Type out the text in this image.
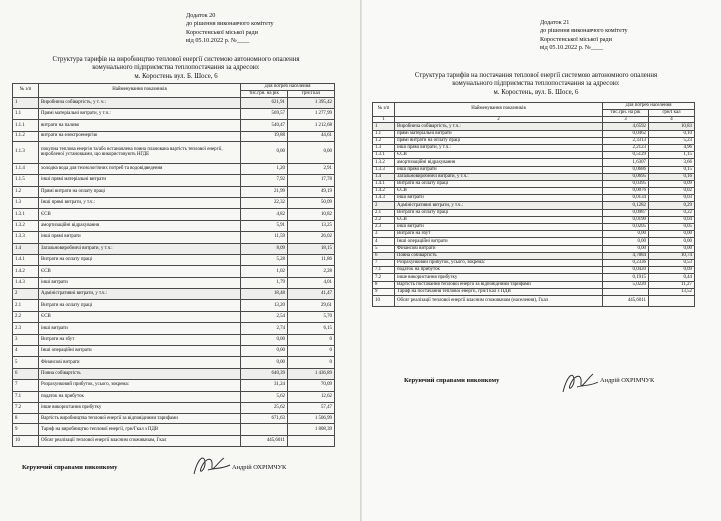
Додаток 20
до рішення виконавчого комітету
Коростенської міської ради
від 05.10.2022 р. №____
Структура тарифів на виробництво теплової енергії системою автономного опалення
комунального підприємства теплопостачання за адресою:
м. Коростень вул. Б. Шосе, 6
№ з/п	Найменування показників	Для потреб населення	
		тис.грн. на рік	грн/Гкал
1	Виробнича собівартість, у т. ч.:	621,91	1 395,42
1.1	Прямі матеріальні витрати, у т.ч.:	569,57	1 277,99
1.1.1	витрати на паливо	540,47	1 212,68
1.1.2	витрати на електроенергію	19,88	44,61
1.1.3	покупна теплова енергія та/або встановлена повна планована вартість теплової енергії, виробленої установками, що використовують НГДЕ	0,00	0,00
1.1.4	холодна вода для технологічних потреб та водовідведення	1,20	2,91
1.1.5	інші прямі матеріальні витрати	7,92	17,78
1.2	Прямі витрати на оплату праці	21,99	49,19
1.3	Інші прямі витрати, у т.ч.:	22,32	50,09
1.3.1	ЄСВ	4,82	10,82
1.3.2	амортизаційні відрахування	5,91	13,25
1.3.3	інші прямі витрати	11,59	26,02
1.4	Загальновиробничі витрати, у т.ч.:	8,09	18,15
1.4.1	Витрати на оплату праці	5,28	11,86
1.4.2	ЄСВ	1,02	2,28
1.4.3	інші витрати	1,79	4,01
2	Адміністративні витрати, у т.ч.:	18,48	41,47
2.1	Витрати на оплату праці	13,20	29,61
2.2	ЄСВ	2,54	5,70
2.3	інші витрати	2,74	6,15
3	Витрати на збут	0,00	0
4	Інші операційні витрати	0,00	0
5	Фінансові витрати	0,00	0
6	Повна собівартість	640,39	1 436,89
7	Розрахунковий прибуток, усього, зокрема:	31,24	70,09
7.1	податок на прибуток	5,62	12,62
7.2	інше використання прибутку	25,62	57,47
8	Вартість виробництва теплової енергії за відповідними тарифами	671,63	1 506,99
9	Тариф на виробництво теплової енергії, грн/Гкал з ПДВ		1 808,39
10	Обсяг реалізації теплової енергії власним споживачам, Гкал	445,6011	
Керуючий справами виконкому	Андрій ОХРІМЧУК
Додаток 21
до рішення виконавчого комітету
Коростенської міської ради
від 05.10.2022 р. №____
Структура тарифів на постачання теплової енергії системою автономного опалення
комунального підприємства теплопостачання за адресою:
м. Коростень, вул. Б. Шосе, 6
№ з/п	Найменування показників	Для потреб населення	
		тис.грн. на рік	грн/Гкал
1	2	3	4
1	Виробнича собівартість, у т.ч.:	4,6592	10,83
1.1	прямі матеріальні витрати	0,0462	0,10
1.2	прямі витрати на оплату праці	2,3313	5,23
1.3	інші прямі витрати, у т.ч.:	2,2123	4,96
1.3.1	ЄСВ	0,5129	1,15
1.3.2	амортизаційні відрахування	1,6307	3,66
1.3.3	інші прямі витрати	0,0686	0,15
1.4	Загальновиробничі витрати, у т.ч.:	0,0695	0,16
1.4.1	Витрати на оплату праці	0,0395	0,09
1.4.2	ЄСВ	0,0076	0,02
1.4.3	інші витрати	0,0134	0,03
2	Адміністративні витрати, у т.ч.:	0,1282	0,29
2.1	Витрати на оплату праці	0,0987	0,22
2.2	ЄСВ	0,0190	0,04
2.3	інші витрати	0,0205	0,05
3	Витрати на збут	0,00	0,00
4	Інші операційні витрати	0,00	0,00
5	Фінансові витрати	0,00	0,00
6	Повна собівартість	4,7884	10,74
7	Розрахунковий прибуток, усього, зокрема:	0,2336	0,53
7.1	податок на прибуток	0,0420	0,09
7.2	інше використання прибутку	0,1915	0,44
8	Вартість постачання теплової енергії за відповідними тарифами	5,0220	11,27
9	Тариф на постачання теплової енергії, грн/Гкал з ПДВ		13,52
10	Обсяг реалізації теплової енергії власним споживачам (населення), Гкал	445,6011	
Керуючий справами виконкому	Андрій ОХРІМЧУК
